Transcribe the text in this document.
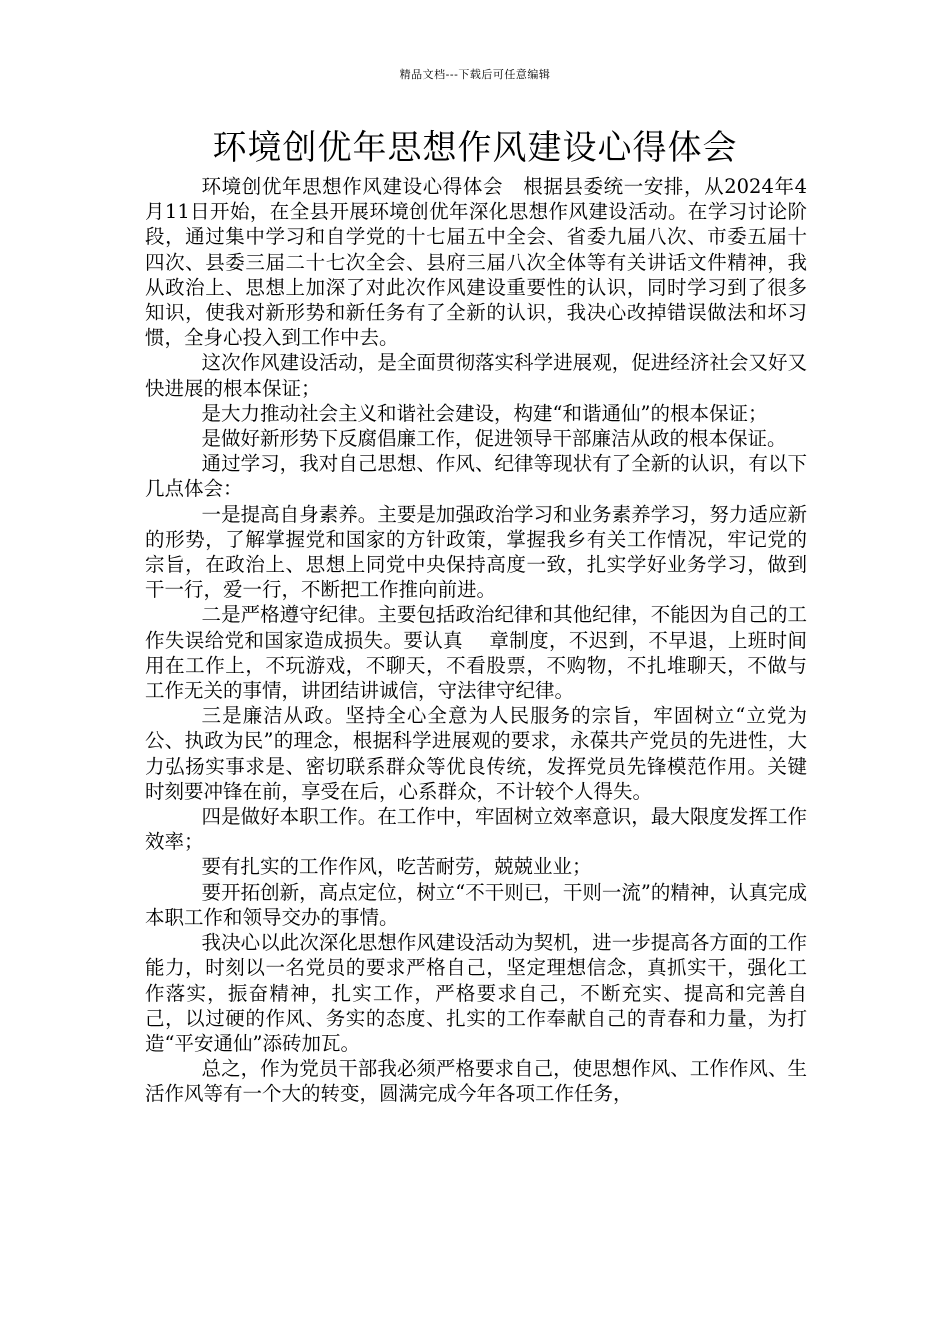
精品文档---下载后可任意编辑
环境创优年思想作风建设心得体会

环境创优年思想作风建设心得体会　根据县委统一安排，从2024年4月11日开始，在全县开展环境创优年深化思想作风建设活动。在学习讨论阶段，通过集中学习和自学党的十七届五中全会、省委九届八次、市委五届十四次、县委三届二十七次全会、县府三届八次全体等有关讲话文件精神，我从政治上、思想上加深了对此次作风建设重要性的认识，同时学习到了很多知识，使我对新形势和新任务有了全新的认识，我决心改掉错误做法和坏习惯，全身心投入到工作中去。

这次作风建设活动，是全面贯彻落实科学进展观，促进经济社会又好又快进展的根本保证；

是大力推动社会主义和谐社会建设，构建“和谐通仙”的根本保证；

是做好新形势下反腐倡廉工作，促进领导干部廉洁从政的根本保证。

通过学习，我对自己思想、作风、纪律等现状有了全新的认识，有以下几点体会：

一是提高自身素养。主要是加强政治学习和业务素养学习，努力适应新的形势，了解掌握党和国家的方针政策，掌握我乡有关工作情况，牢记党的宗旨，在政治上、思想上同党中央保持高度一致，扎实学好业务学习，做到干一行，爱一行，不断把工作推向前进。

二是严格遵守纪律。主要包括政治纪律和其他纪律，不能因为自己的工作失误给党和国家造成损失。要认真　 章制度，不迟到，不早退，上班时间用在工作上，不玩游戏，不聊天，不看股票，不购物，不扎堆聊天，不做与工作无关的事情，讲团结讲诚信，守法律守纪律。

三是廉洁从政。坚持全心全意为人民服务的宗旨，牢固树立“立党为公、执政为民”的理念，根据科学进展观的要求，永葆共产党员的先进性，大力弘扬实事求是、密切联系群众等优良传统，发挥党员先锋模范作用。关键时刻要冲锋在前，享受在后，心系群众，不计较个人得失。

四是做好本职工作。在工作中，牢固树立效率意识，最大限度发挥工作效率；

要有扎实的工作作风，吃苦耐劳，兢兢业业；

要开拓创新，高点定位，树立“不干则已，干则一流”的精神，认真完成本职工作和领导交办的事情。

我决心以此次深化思想作风建设活动为契机，进一步提高各方面的工作能力，时刻以一名党员的要求严格自己，坚定理想信念，真抓实干，强化工作落实，振奋精神，扎实工作，严格要求自己，不断充实、提高和完善自己，以过硬的作风、务实的态度、扎实的工作奉献自己的青春和力量，为打造“平安通仙”添砖加瓦。

总之，作为党员干部我必须严格要求自己，使思想作风、工作作风、生活作风等有一个大的转变，圆满完成今年各项工作任务，
